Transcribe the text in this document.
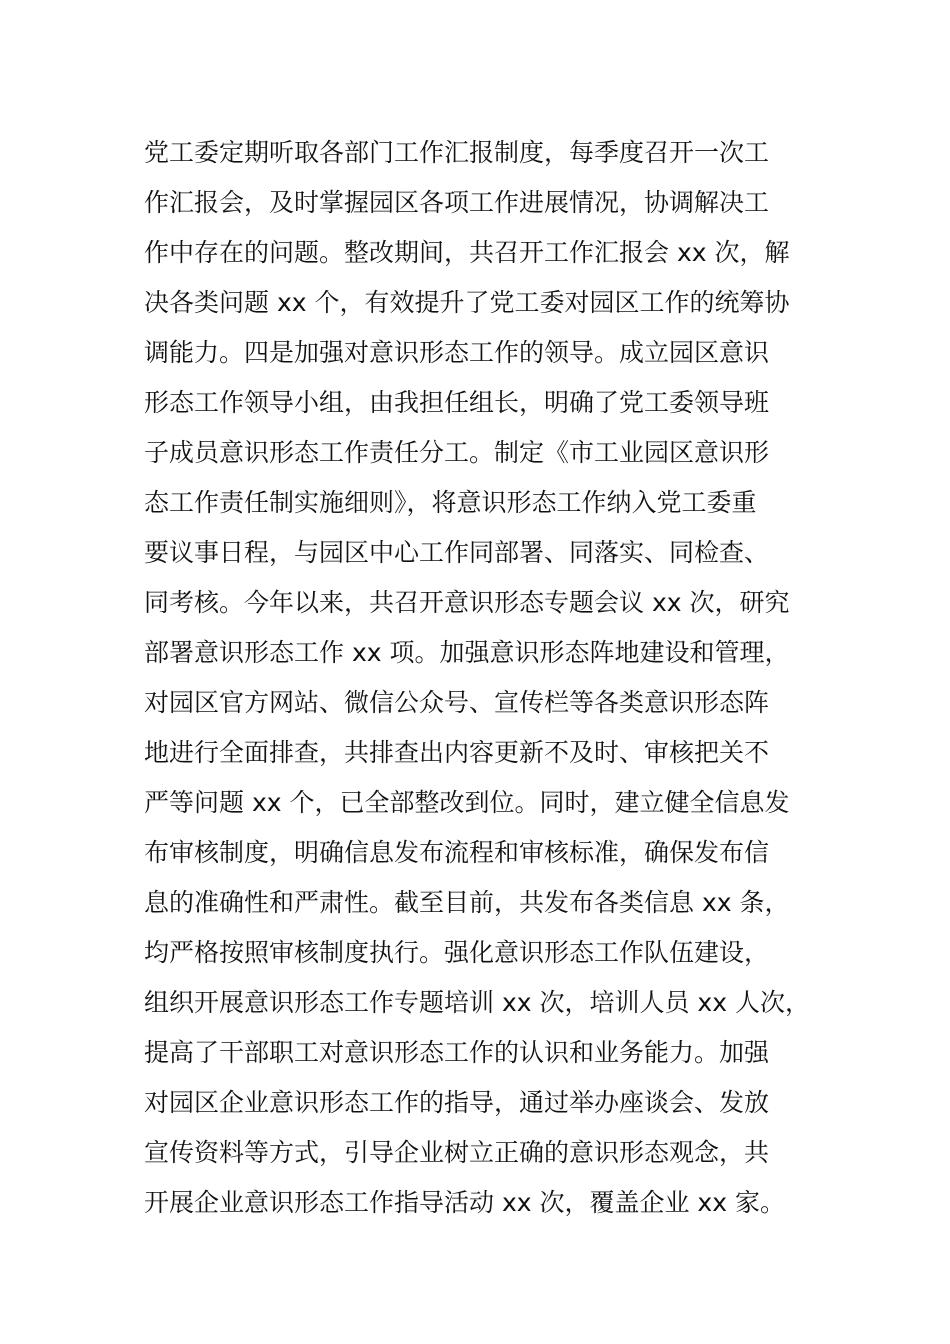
党工委定期听取各部门工作汇报制度，每季度召开一次工
作汇报会，及时掌握园区各项工作进展情况，协调解决工
作中存在的问题。整改期间，共召开工作汇报会 xx 次，解
决各类问题 xx 个，有效提升了党工委对园区工作的统筹协
调能力。四是加强对意识形态工作的领导。成立园区意识
形态工作领导小组，由我担任组长，明确了党工委领导班
子成员意识形态工作责任分工。制定《市工业园区意识形
态工作责任制实施细则》，将意识形态工作纳入党工委重
要议事日程，与园区中心工作同部署、同落实、同检查、
同考核。今年以来，共召开意识形态专题会议 xx 次，研究
部署意识形态工作 xx 项。加强意识形态阵地建设和管理，
对园区官方网站、微信公众号、宣传栏等各类意识形态阵
地进行全面排查，共排查出内容更新不及时、审核把关不
严等问题 xx 个，已全部整改到位。同时，建立健全信息发
布审核制度，明确信息发布流程和审核标准，确保发布信
息的准确性和严肃性。截至目前，共发布各类信息 xx 条，
均严格按照审核制度执行。强化意识形态工作队伍建设，
组织开展意识形态工作专题培训 xx 次，培训人员 xx 人次，
提高了干部职工对意识形态工作的认识和业务能力。加强
对园区企业意识形态工作的指导，通过举办座谈会、发放
宣传资料等方式，引导企业树立正确的意识形态观念，共
开展企业意识形态工作指导活动 xx 次，覆盖企业 xx 家。
